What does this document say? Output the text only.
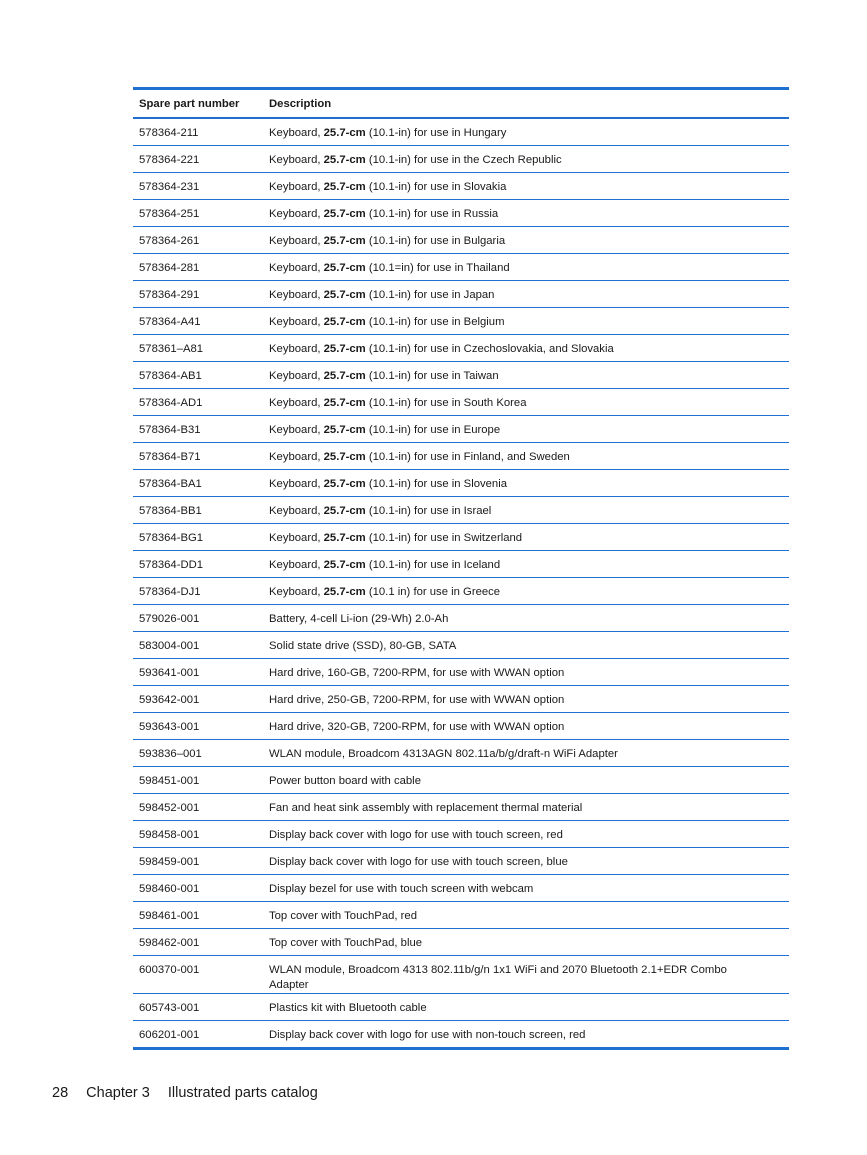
Spare part number	Description
578364-211	Keyboard, 25.7-cm (10.1-in) for use in Hungary
578364-221	Keyboard, 25.7-cm (10.1-in) for use in the Czech Republic
578364-231	Keyboard, 25.7-cm (10.1-in) for use in Slovakia
578364-251	Keyboard, 25.7-cm (10.1-in) for use in Russia
578364-261	Keyboard, 25.7-cm (10.1-in) for use in Bulgaria
578364-281	Keyboard, 25.7-cm (10.1=in) for use in Thailand
578364-291	Keyboard, 25.7-cm (10.1-in) for use in Japan
578364-A41	Keyboard, 25.7-cm (10.1-in) for use in Belgium
578361–A81	Keyboard, 25.7-cm (10.1-in) for use in Czechoslovakia, and Slovakia
578364-AB1	Keyboard, 25.7-cm (10.1-in) for use in Taiwan
578364-AD1	Keyboard, 25.7-cm (10.1-in) for use in South Korea
578364-B31	Keyboard, 25.7-cm (10.1-in) for use in Europe
578364-B71	Keyboard, 25.7-cm (10.1-in) for use in Finland, and Sweden
578364-BA1	Keyboard, 25.7-cm (10.1-in) for use in Slovenia
578364-BB1	Keyboard, 25.7-cm (10.1-in) for use in Israel
578364-BG1	Keyboard, 25.7-cm (10.1-in) for use in Switzerland
578364-DD1	Keyboard, 25.7-cm (10.1-in) for use in Iceland
578364-DJ1	Keyboard, 25.7-cm (10.1 in) for use in Greece
579026-001	Battery, 4-cell Li-ion (29-Wh) 2.0-Ah
583004-001	Solid state drive (SSD), 80-GB, SATA
593641-001	Hard drive, 160-GB, 7200-RPM, for use with WWAN option
593642-001	Hard drive, 250-GB, 7200-RPM, for use with WWAN option
593643-001	Hard drive, 320-GB, 7200-RPM, for use with WWAN option
593836–001	WLAN module, Broadcom 4313AGN 802.11a/b/g/draft-n WiFi Adapter
598451-001	Power button board with cable
598452-001	Fan and heat sink assembly with replacement thermal material
598458-001	Display back cover with logo for use with touch screen, red
598459-001	Display back cover with logo for use with touch screen, blue
598460-001	Display bezel for use with touch screen with webcam
598461-001	Top cover with TouchPad, red
598462-001	Top cover with TouchPad, blue
600370-001	WLAN module, Broadcom 4313 802.11b/g/n 1x1 WiFi and 2070 Bluetooth 2.1+EDR Combo Adapter
605743-001	Plastics kit with Bluetooth cable
606201-001	Display back cover with logo for use with non-touch screen, red
28 Chapter 3 Illustrated parts catalog
